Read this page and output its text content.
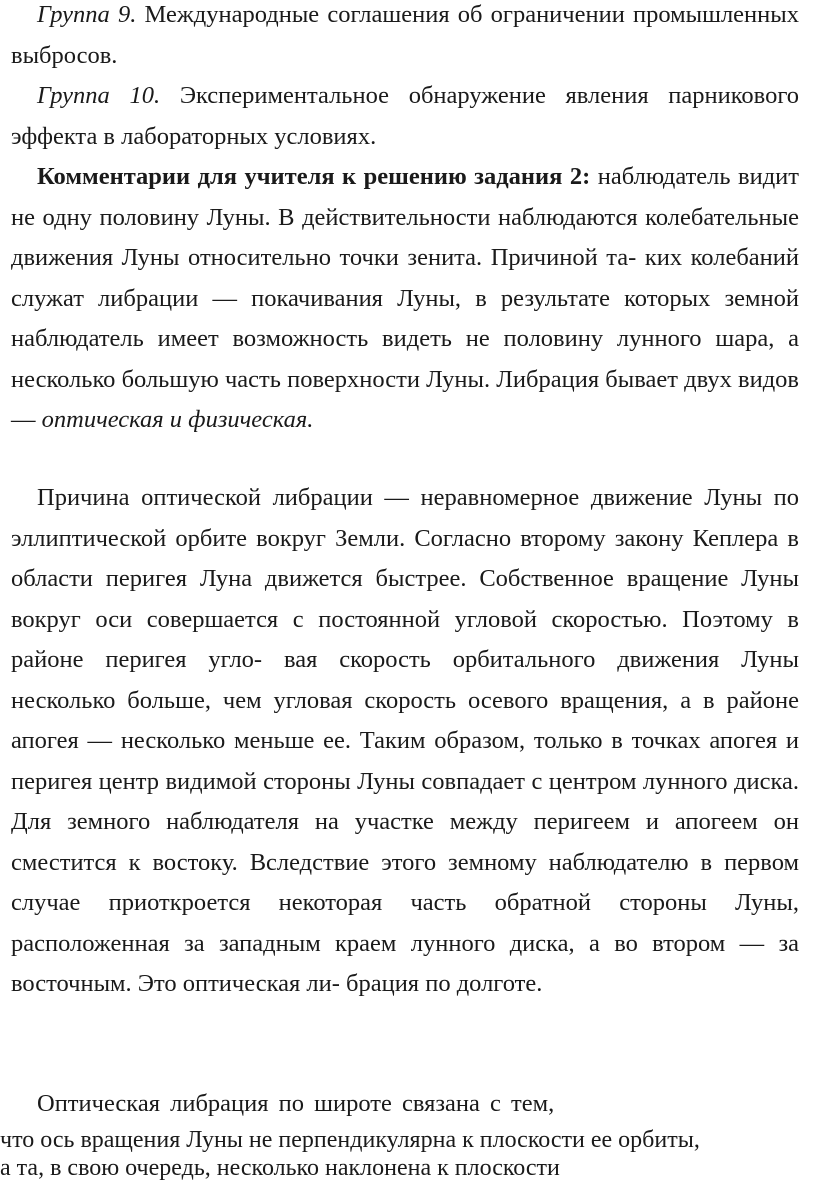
Группа 9. Международные соглашения об ограничении промышленных выбросов.

Группа 10. Экспериментальное обнаружение явления парникового эффекта в лабораторных условиях.

Комментарии для учителя к решению задания 2: наблюдатель видит не одну половину Луны. В действительности наблюдаются колебательные движения Луны относительно точки зенита. Причиной та- ких колебаний служат либрации — покачивания Луны, в результате которых земной наблюдатель имеет возможность видеть не половину лунного шара, а несколько большую часть поверхности Луны. Либрация бывает двух видов — оптическая и физическая.

Причина оптической либрации — неравномерное движение Луны по эллиптической орбите вокруг Земли. Согласно второму закону Кеплера в области перигея Луна движется быстрее. Собственное вращение Луны вокруг оси совершается с постоянной угловой скоростью. Поэтому в районе перигея угло- вая скорость орбитального движения Луны несколько больше, чем угловая скорость осевого вращения, а в районе апогея — несколько меньше ее. Таким образом, только в точках апогея и перигея центр видимой стороны Луны совпадает с центром лунного диска. Для земного наблюдателя на участке между перигеем и апогеем он сместится к востоку. Вследствие этого земному наблюдателю в первом случае приоткроется некоторая часть обратной стороны Луны, расположенная за западным краем лунного диска, а во втором — за восточным. Это оптическая ли- брация по долготе.

Оптическая либрация по широте связана с тем,

что ось вращения Луны не перпендикулярна к плоскости ее орбиты,

а та, в свою очередь, несколько наклонена к плоскости
